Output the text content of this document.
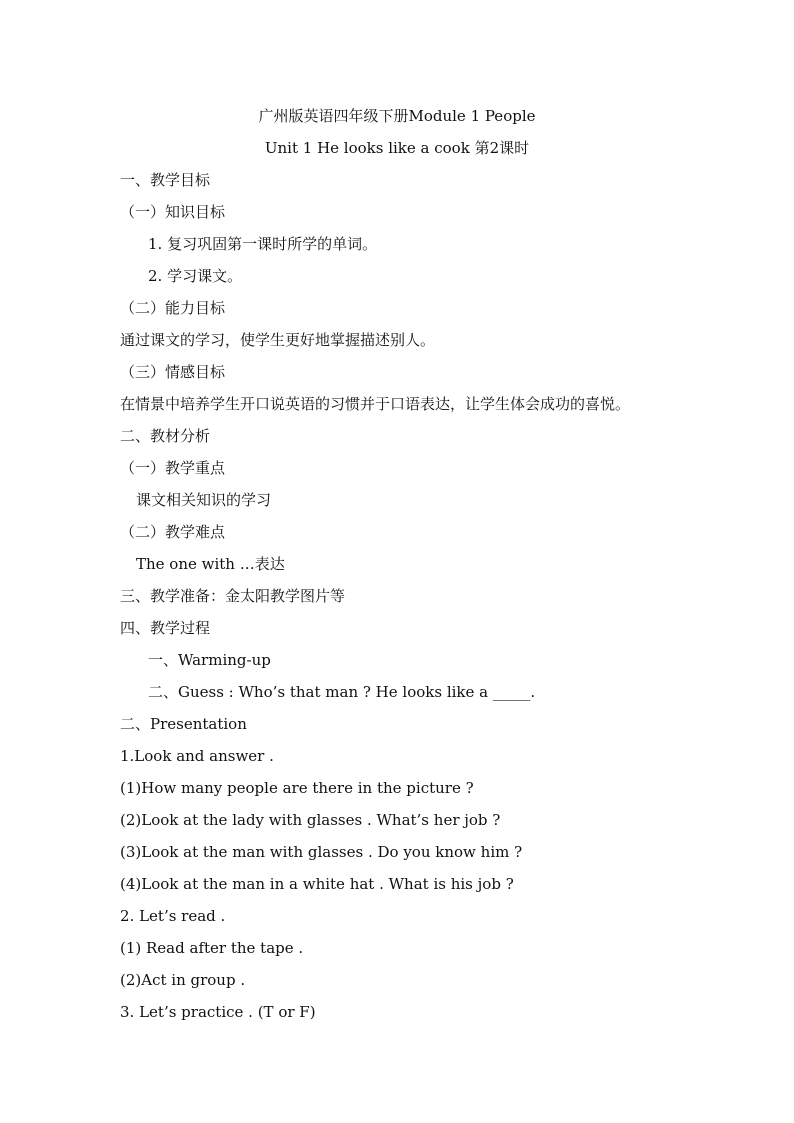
广州版英语四年级下册Module 1 People
Unit 1 He looks like a cook 第2课时
一、教学目标
（一）知识目标
1. 复习巩固第一课时所学的单词。
2. 学习课文。
（二）能力目标
通过课文的学习，使学生更好地掌握描述别人。
（三）情感目标
在情景中培养学生开口说英语的习惯并于口语表达，让学生体会成功的喜悦。
二、教材分析
（一）教学重点
课文相关知识的学习
（二）教学难点
The one with …表达
三、教学准备：金太阳教学图片等
四、教学过程
一、Warming-up
二、Guess : Who’s that man ? He looks like a _____.
二、Presentation
1.Look and answer .
(1)How many people are there in the picture ?
(2)Look at the lady with glasses . What’s her job ?
(3)Look at the man with glasses . Do you know him ?
(4)Look at the man in a white hat . What is his job ?
2. Let’s read .
(1) Read after the tape .
(2)Act in group .
3. Let’s practice . (T or F)
